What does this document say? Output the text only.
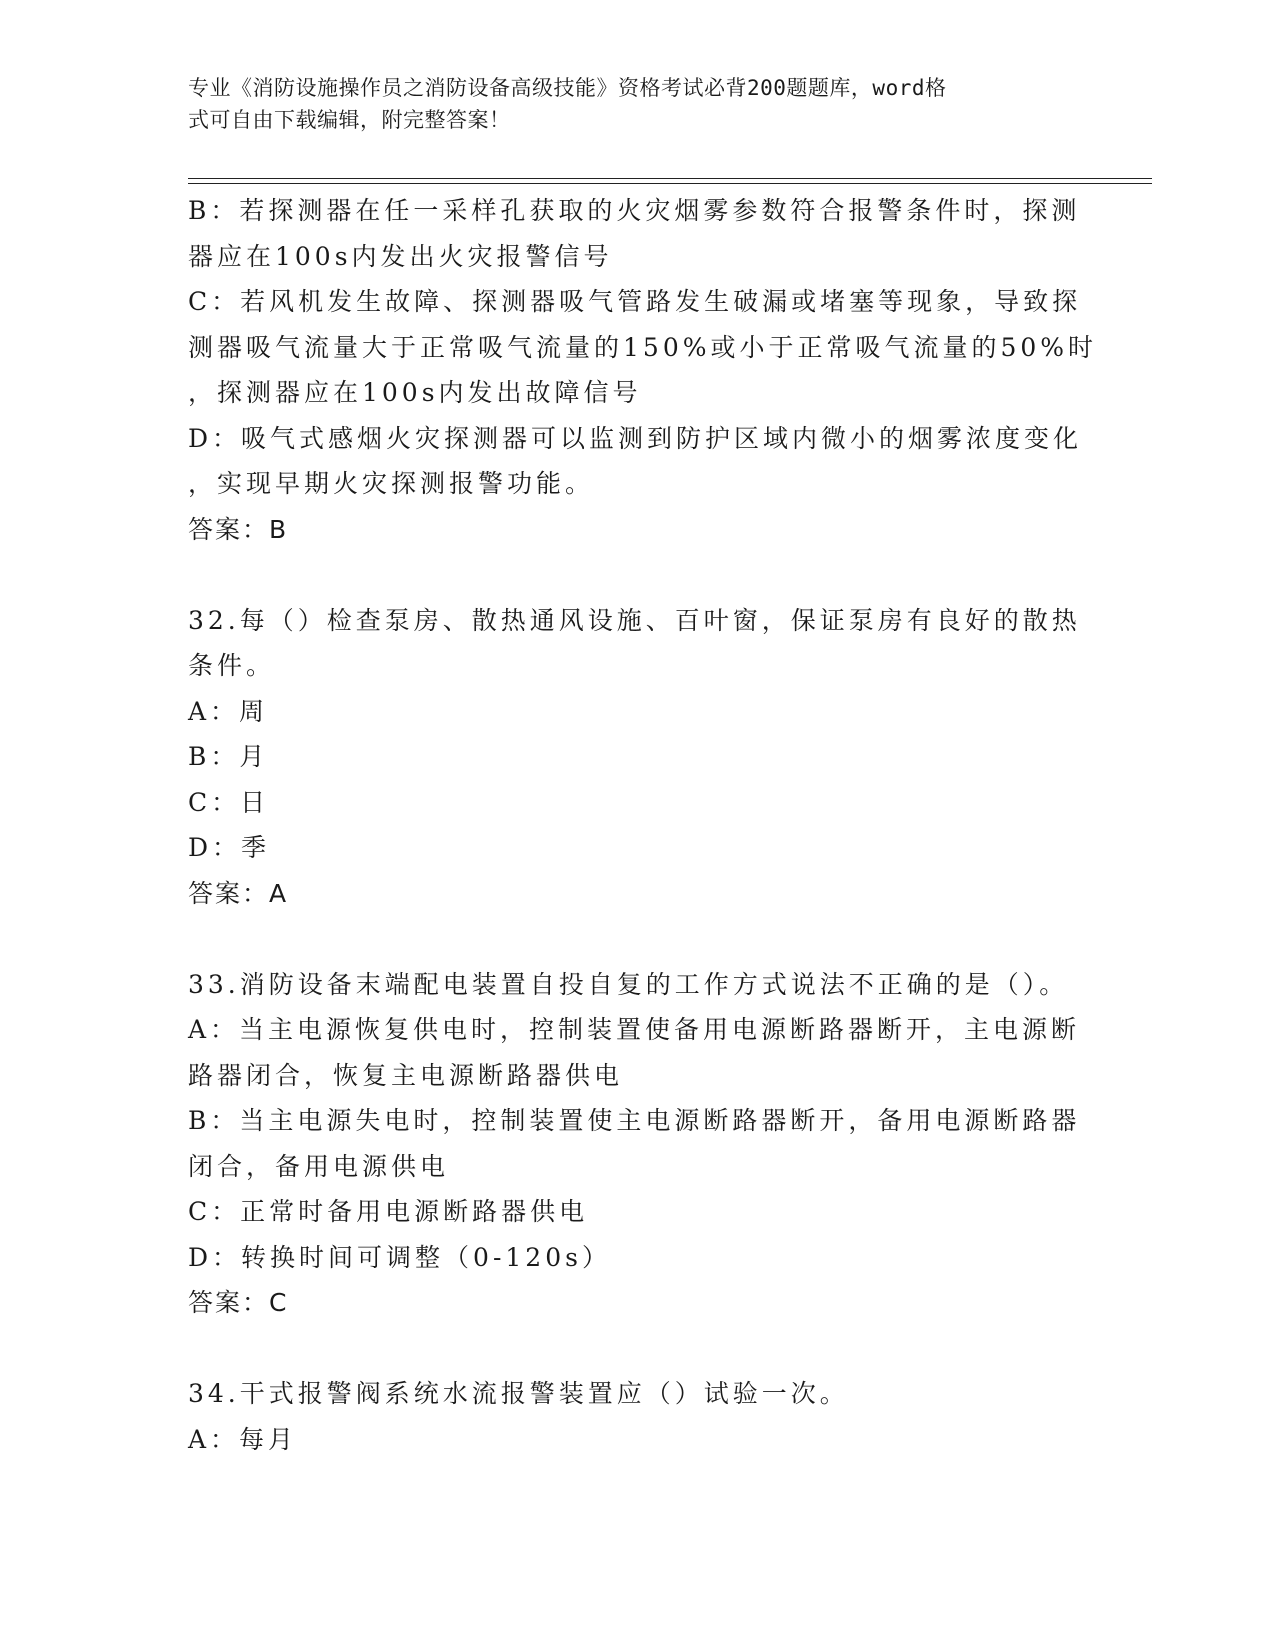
专业《消防设施操作员之消防设备高级技能》资格考试必背200题题库，word格
式可自由下载编辑，附完整答案！
B：若探测器在任一采样孔获取的火灾烟雾参数符合报警条件时，探测
器应在100s内发出火灾报警信号
C：若风机发生故障、探测器吸气管路发生破漏或堵塞等现象，导致探
测器吸气流量大于正常吸气流量的150%或小于正常吸气流量的50%时
，探测器应在100s内发出故障信号
D：吸气式感烟火灾探测器可以监测到防护区域内微小的烟雾浓度变化
，实现早期火灾探测报警功能。
答案：B
32.每（）检查泵房、散热通风设施、百叶窗，保证泵房有良好的散热
条件。
A：周
B：月
C：日
D：季
答案：A
33.消防设备末端配电装置自投自复的工作方式说法不正确的是（）。
A：当主电源恢复供电时，控制装置使备用电源断路器断开，主电源断
路器闭合，恢复主电源断路器供电
B：当主电源失电时，控制装置使主电源断路器断开，备用电源断路器
闭合，备用电源供电
C：正常时备用电源断路器供电
D：转换时间可调整（0-120s）
答案：C
34.干式报警阀系统水流报警装置应（）试验一次。
A：每月
